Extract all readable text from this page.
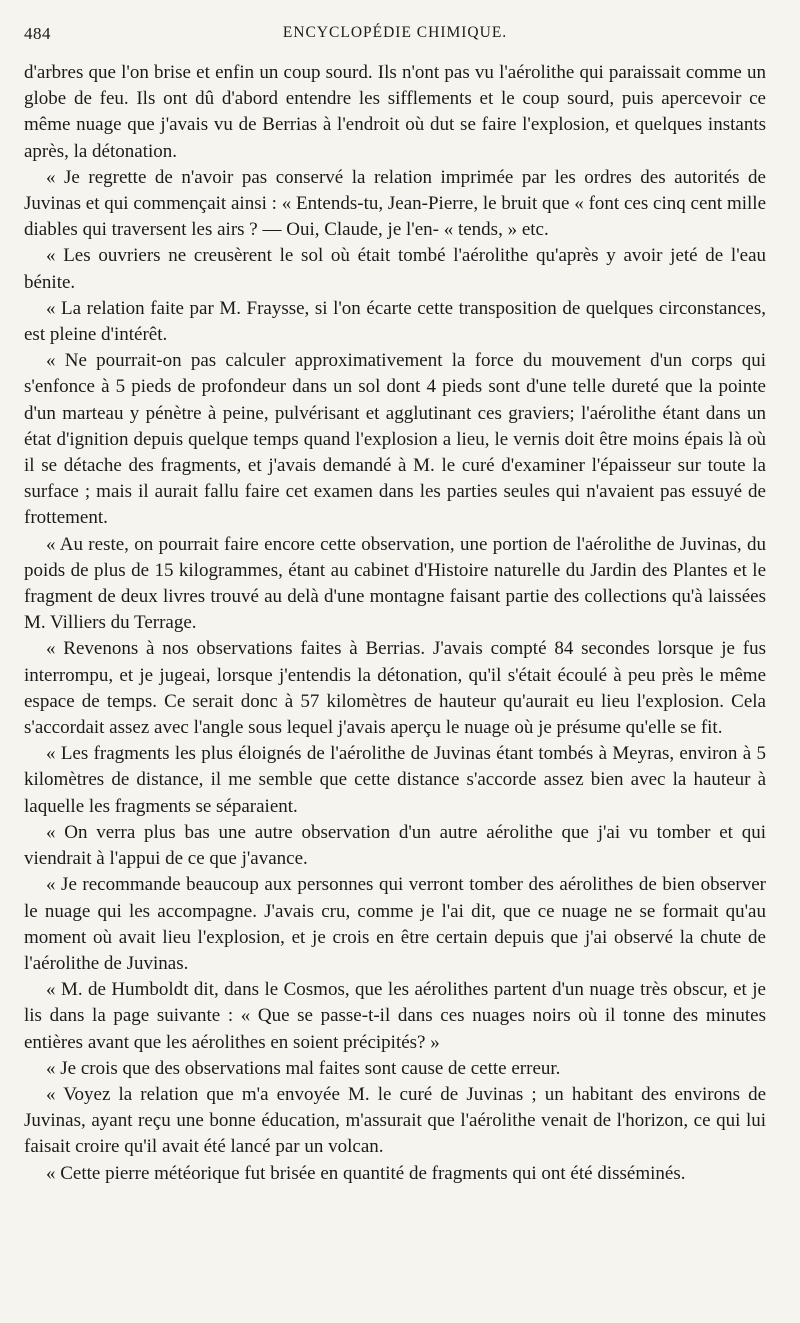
484	ENCYCLOPÉDIE CHIMIQUE.

d'arbres que l'on brise et enfin un coup sourd. Ils n'ont pas vu l'aérolithe qui paraissait comme un globe de feu. Ils ont dû d'abord entendre les sifflements et le coup sourd, puis apercevoir ce même nuage que j'avais vu de Berrias à l'endroit où dut se faire l'explosion, et quelques instants après, la détonation.

« Je regrette de n'avoir pas conservé la relation imprimée par les ordres des autorités de Juvinas et qui commençait ainsi : « Entends-tu, Jean-Pierre, le bruit que « font ces cinq cent mille diables qui traversent les airs ? — Oui, Claude, je l'en- « tends, » etc.

« Les ouvriers ne creusèrent le sol où était tombé l'aérolithe qu'après y avoir jeté de l'eau bénite.

« La relation faite par M. Fraysse, si l'on écarte cette transposition de quelques circonstances, est pleine d'intérêt.

« Ne pourrait-on pas calculer approximativement la force du mouvement d'un corps qui s'enfonce à 5 pieds de profondeur dans un sol dont 4 pieds sont d'une telle dureté que la pointe d'un marteau y pénètre à peine, pulvérisant et agglutinant ces graviers; l'aérolithe étant dans un état d'ignition depuis quelque temps quand l'explosion a lieu, le vernis doit être moins épais là où il se détache des fragments, et j'avais demandé à M. le curé d'examiner l'épaisseur sur toute la surface ; mais il aurait fallu faire cet examen dans les parties seules qui n'avaient pas essuyé de frottement.

« Au reste, on pourrait faire encore cette observation, une portion de l'aérolithe de Juvinas, du poids de plus de 15 kilogrammes, étant au cabinet d'Histoire naturelle du Jardin des Plantes et le fragment de deux livres trouvé au delà d'une montagne faisant partie des collections qu'à laissées M. Villiers du Terrage.

« Revenons à nos observations faites à Berrias. J'avais compté 84 secondes lorsque je fus interrompu, et je jugeai, lorsque j'entendis la détonation, qu'il s'était écoulé à peu près le même espace de temps. Ce serait donc à 57 kilomètres de hauteur qu'aurait eu lieu l'explosion. Cela s'accordait assez avec l'angle sous lequel j'avais aperçu le nuage où je présume qu'elle se fit.

« Les fragments les plus éloignés de l'aérolithe de Juvinas étant tombés à Meyras, environ à 5 kilomètres de distance, il me semble que cette distance s'accorde assez bien avec la hauteur à laquelle les fragments se séparaient.

« On verra plus bas une autre observation d'un autre aérolithe que j'ai vu tomber et qui viendrait à l'appui de ce que j'avance.

« Je recommande beaucoup aux personnes qui verront tomber des aérolithes de bien observer le nuage qui les accompagne. J'avais cru, comme je l'ai dit, que ce nuage ne se formait qu'au moment où avait lieu l'explosion, et je crois en être certain depuis que j'ai observé la chute de l'aérolithe de Juvinas.

« M. de Humboldt dit, dans le Cosmos, que les aérolithes partent d'un nuage très obscur, et je lis dans la page suivante : « Que se passe-t-il dans ces nuages noirs où il tonne des minutes entières avant que les aérolithes en soient précipités? »

« Je crois que des observations mal faites sont cause de cette erreur.

« Voyez la relation que m'a envoyée M. le curé de Juvinas ; un habitant des environs de Juvinas, ayant reçu une bonne éducation, m'assurait que l'aérolithe venait de l'horizon, ce qui lui faisait croire qu'il avait été lancé par un volcan.

« Cette pierre météorique fut brisée en quantité de fragments qui ont été disséminés.
